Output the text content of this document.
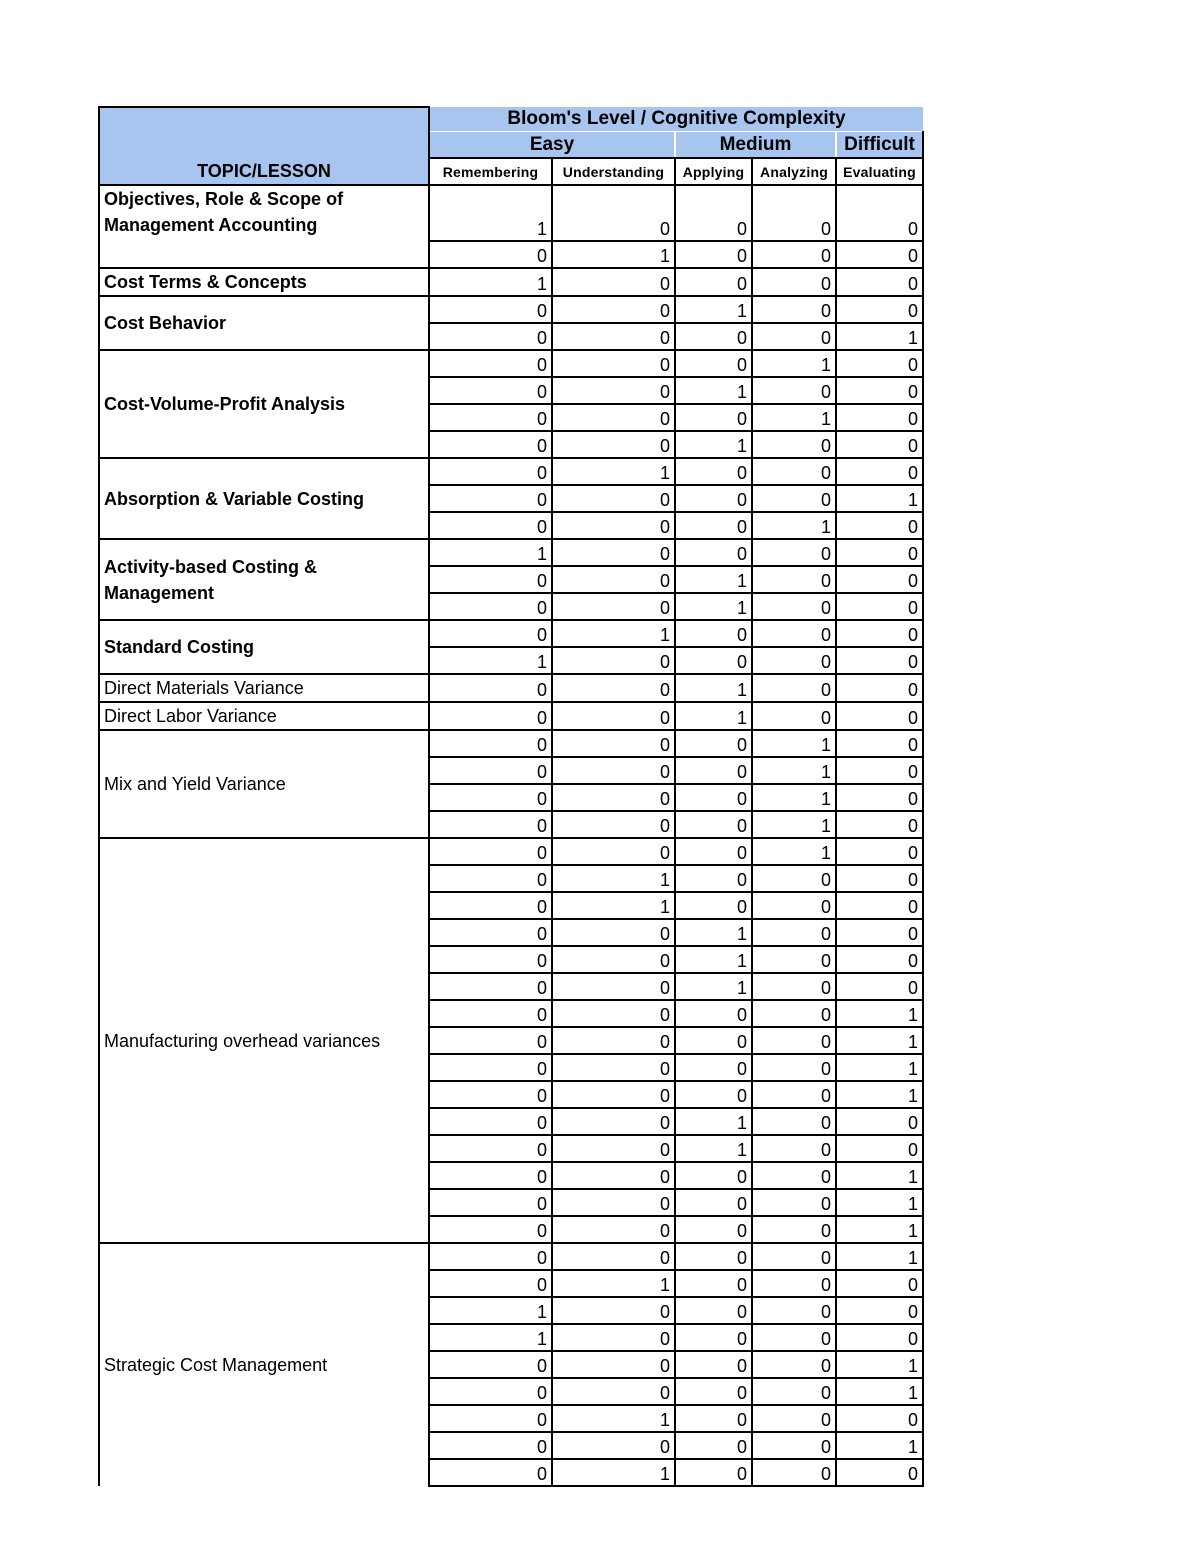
TOPIC/LESSON	Bloom's Level / Cognitive Complexity				
	Easy		Medium		Difficult
	Remembering	Understanding	Applying	Analyzing	Evaluating
Objectives, Role & Scope of Management Accounting	1	0	0	0	0
	0	1	0	0	0
Cost Terms & Concepts	1	0	0	0	0
Cost Behavior	0	0	1	0	0
	0	0	0	0	1
Cost-Volume-Profit Analysis	0	0	0	1	0
	0	0	1	0	0
	0	0	0	1	0
	0	0	1	0	0
Absorption & Variable Costing	0	1	0	0	0
	0	0	0	0	1
	0	0	0	1	0
Activity-based Costing & Management	1	0	0	0	0
	0	0	1	0	0
	0	0	1	0	0
Standard Costing	0	1	0	0	0
	1	0	0	0	0
Direct Materials Variance	0	0	1	0	0
Direct Labor Variance	0	0	1	0	0
Mix and Yield Variance	0	0	0	1	0
	0	0	0	1	0
	0	0	0	1	0
	0	0	0	1	0
Manufacturing overhead variances	0	0	0	1	0
	0	1	0	0	0
	0	1	0	0	0
	0	0	1	0	0
	0	0	1	0	0
	0	0	1	0	0
	0	0	0	0	1
	0	0	0	0	1
	0	0	0	0	1
	0	0	0	0	1
	0	0	1	0	0
	0	0	1	0	0
	0	0	0	0	1
	0	0	0	0	1
	0	0	0	0	1
Strategic Cost Management	0	0	0	0	1
	0	1	0	0	0
	1	0	0	0	0
	1	0	0	0	0
	0	0	0	0	1
	0	0	0	0	1
	0	1	0	0	0
	0	0	0	0	1
	0	1	0	0	0
